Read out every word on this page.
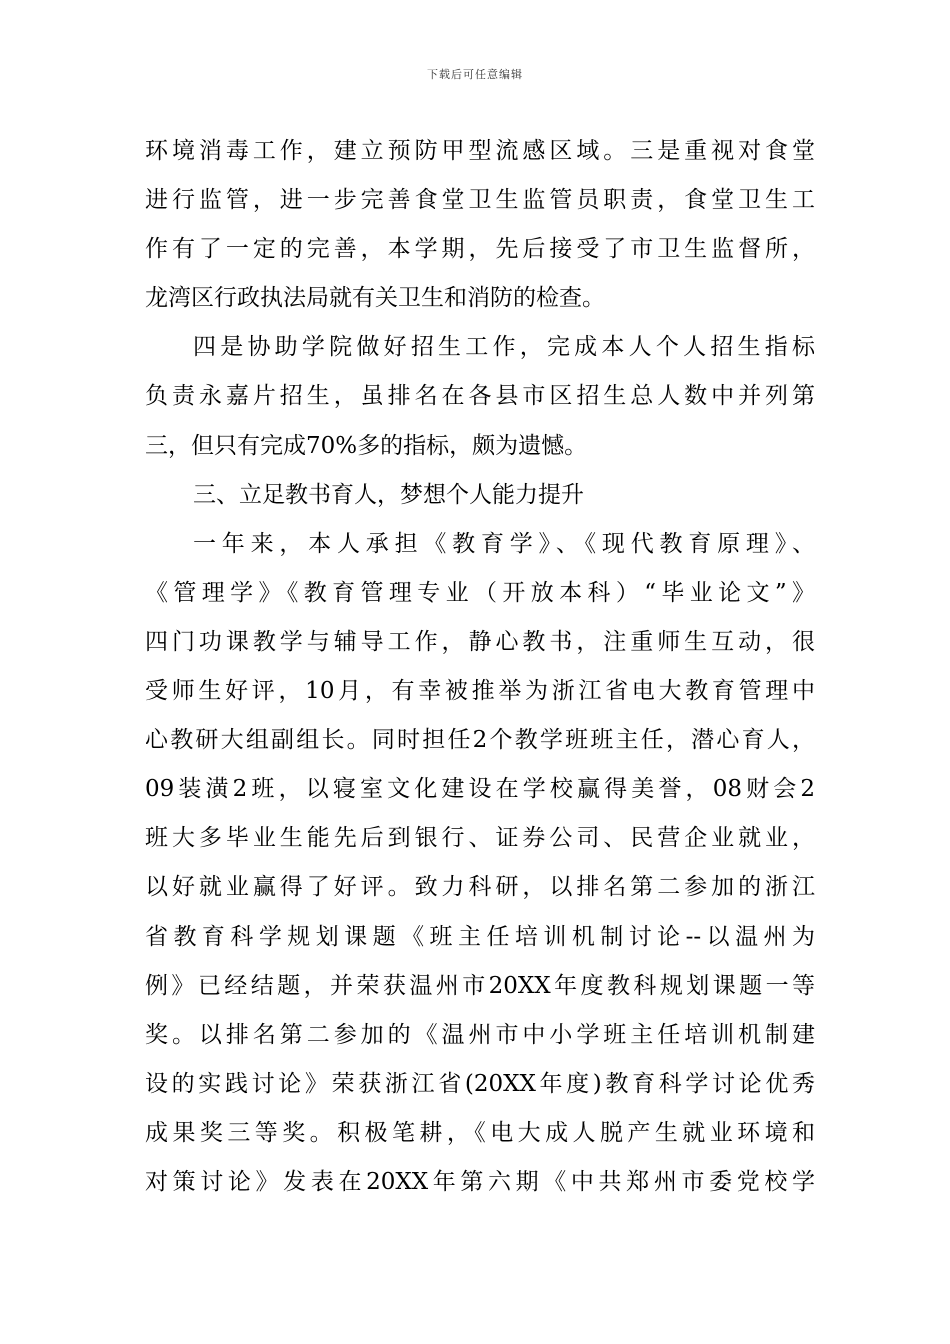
下载后可任意编辑
环境消毒工作，建立预防甲型流感区域。三是重视对食堂
进行监管，进一步完善食堂卫生监管员职责，食堂卫生工
作有了一定的完善，本学期，先后接受了市卫生监督所，
龙湾区行政执法局就有关卫生和消防的检查。
四是协助学院做好招生工作，完成本人个人招生指标
负责永嘉片招生，虽排名在各县市区招生总人数中并列第
三，但只有完成70%多的指标，颇为遗憾。
三、立足教书育人，梦想个人能力提升
一年来，本人承担《教育学》、《现代教育原理》、
《管理学》《教育管理专业（开放本科）“毕业论文”》
四门功课教学与辅导工作，静心教书，注重师生互动，很
受师生好评，10月，有幸被推举为浙江省电大教育管理中
心教研大组副组长。同时担任2个教学班班主任，潜心育人，
09装潢2班，以寝室文化建设在学校赢得美誉，08财会2
班大多毕业生能先后到银行、证券公司、民营企业就业，
以好就业赢得了好评。致力科研，以排名第二参加的浙江
省教育科学规划课题《班主任培训机制讨论--以温州为
例》已经结题，并荣获温州市20XX年度教科规划课题一等
奖。以排名第二参加的《温州市中小学班主任培训机制建
设的实践讨论》荣获浙江省(20XX年度)教育科学讨论优秀
成果奖三等奖。积极笔耕，《电大成人脱产生就业环境和
对策讨论》发表在20XX年第六期《中共郑州市委党校学
